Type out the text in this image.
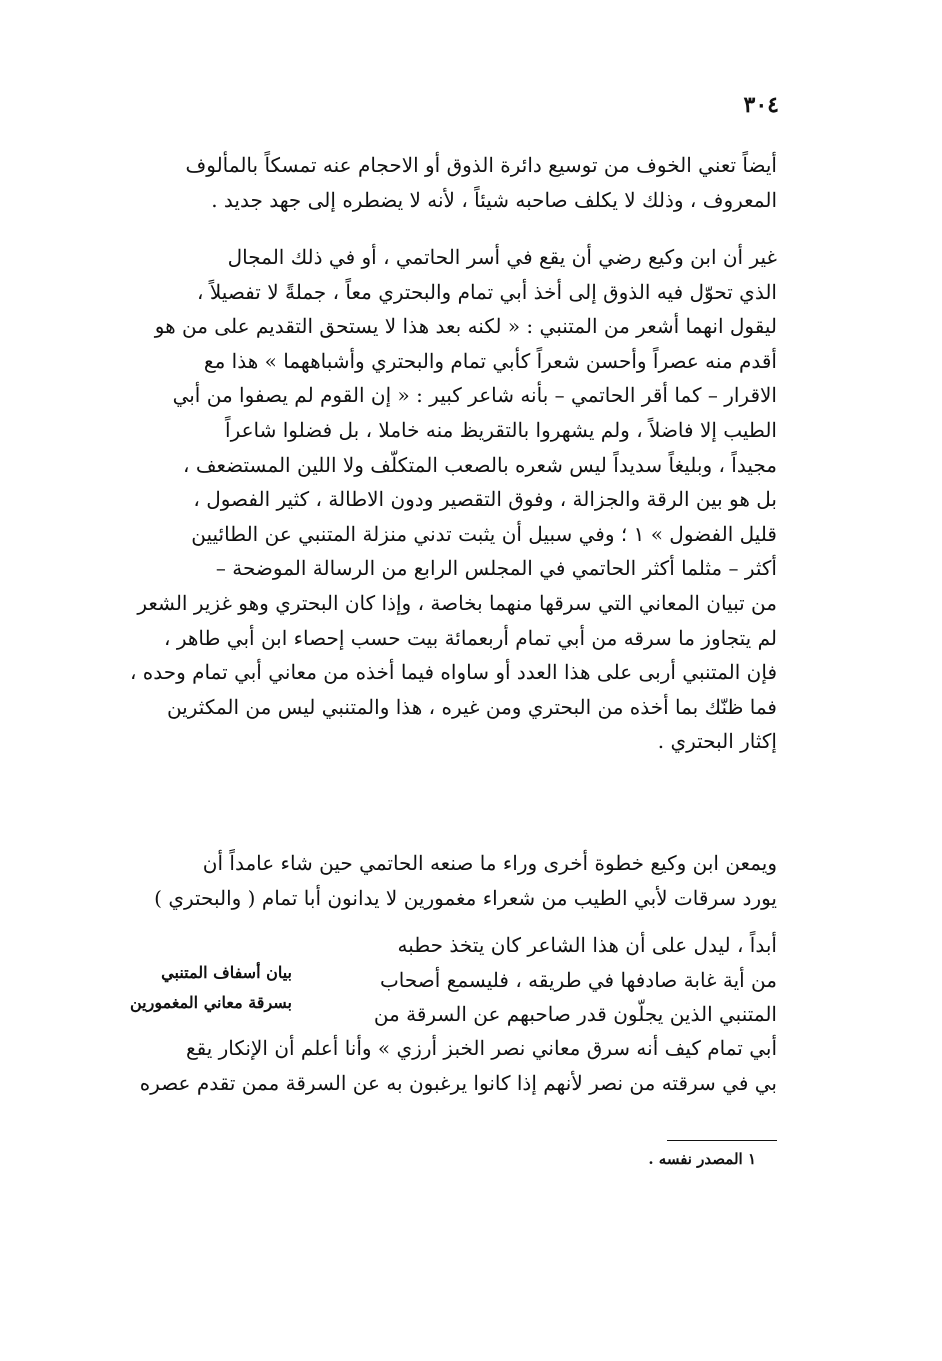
٣٠٤
أيضاً تعني الخوف من توسيع دائرة الذوق أو الاحجام عنه تمسكاً بالمألوف
المعروف ، وذلك لا يكلف صاحبه شيئاً ، لأنه لا يضطره إلى جهد جديد .
غير أن ابن وكيع رضي أن يقع في أسر الحاتمي ، أو في ذلك المجال
الذي تحوّل فيه الذوق إلى أخذ أبي تمام والبحتري معاً ، جملةً لا تفصيلاً ،
ليقول انهما أشعر من المتنبي : « لكنه بعد هذا لا يستحق التقديم على من هو
أقدم منه عصراً وأحسن شعراً كأبي تمام والبحتري وأشباههما » هذا مع
الاقرار – كما أقر الحاتمي – بأنه شاعر كبير : « إن القوم لم يصفوا من أبي
الطيب إلا فاضلاً ، ولم يشهروا بالتقريظ منه خاملا ، بل فضلوا شاعراً
مجيداً ، وبليغاً سديداً ليس شعره بالصعب المتكلّف ولا اللين المستضعف ،
بل هو بين الرقة والجزالة ، وفوق التقصير ودون الاطالة ، كثير الفصول ،
قليل الفضول » ١ ؛ وفي سبيل أن يثبت تدني منزلة المتنبي عن الطائيين
أكثر – مثلما أكثر الحاتمي في المجلس الرابع من الرسالة الموضحة –
من تبيان المعاني التي سرقها منهما بخاصة ، وإذا كان البحتري وهو غزير الشعر
لم يتجاوز ما سرقه من أبي تمام أربعمائة بيت حسب إحصاء ابن أبي طاهر ،
فإن المتنبي أربى على هذا العدد أو ساواه فيما أخذه من معاني أبي تمام وحده ،
فما ظنّك بما أخذه من البحتري ومن غيره ، هذا والمتنبي ليس من المكثرين
إكثار البحتري .
ويمعن ابن وكيع خطوة أخرى وراء ما صنعه الحاتمي حين شاء عامداً أن
يورد سرقات لأبي الطيب من شعراء مغمورين لا يدانون أبا تمام ( والبحتري )
أبداً ، ليدل على أن هذا الشاعر كان يتخذ حطبه
من أية غابة صادفها في طريقه ، فليسمع أصحاب
المتنبي الذين يجلّون قدر صاحبهم عن السرقة من
بيان أسفاف المتنبي
بسرقة معاني المغمورين
أبي تمام كيف أنه سرق معاني نصر الخبز أرزي » وأنا أعلم أن الإنكار يقع
بي في سرقته من نصر لأنهم إذا كانوا يرغبون به عن السرقة ممن تقدم عصره
١ المصدر نفسه .
